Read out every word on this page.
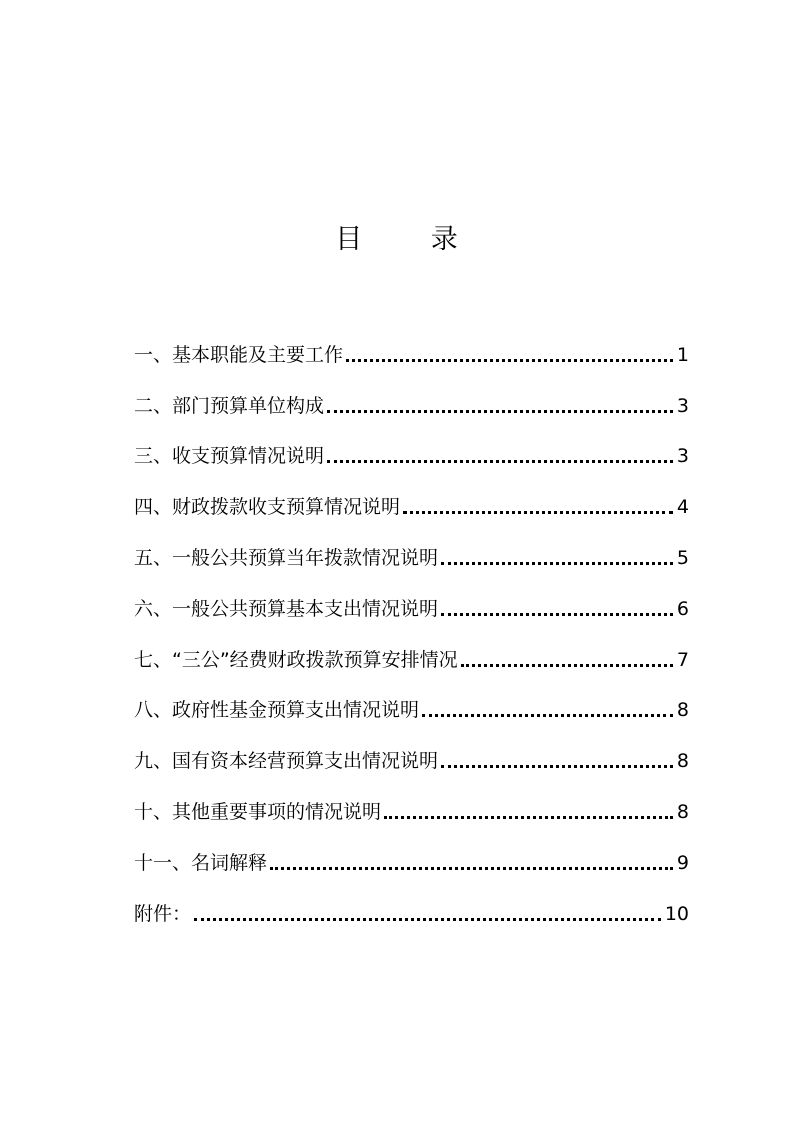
目 录
一、基本职能及主要工作	1
二、部门预算单位构成	3
三、收支预算情况说明	3
四、财政拨款收支预算情况说明	4
五、一般公共预算当年拨款情况说明	5
六、一般公共预算基本支出情况说明	6
七、“三公”经费财政拨款预算安排情况	7
八、政府性基金预算支出情况说明	8
九、国有资本经营预算支出情况说明	8
十、其他重要事项的情况说明	8
十一、名词解释	9
附件：	10
